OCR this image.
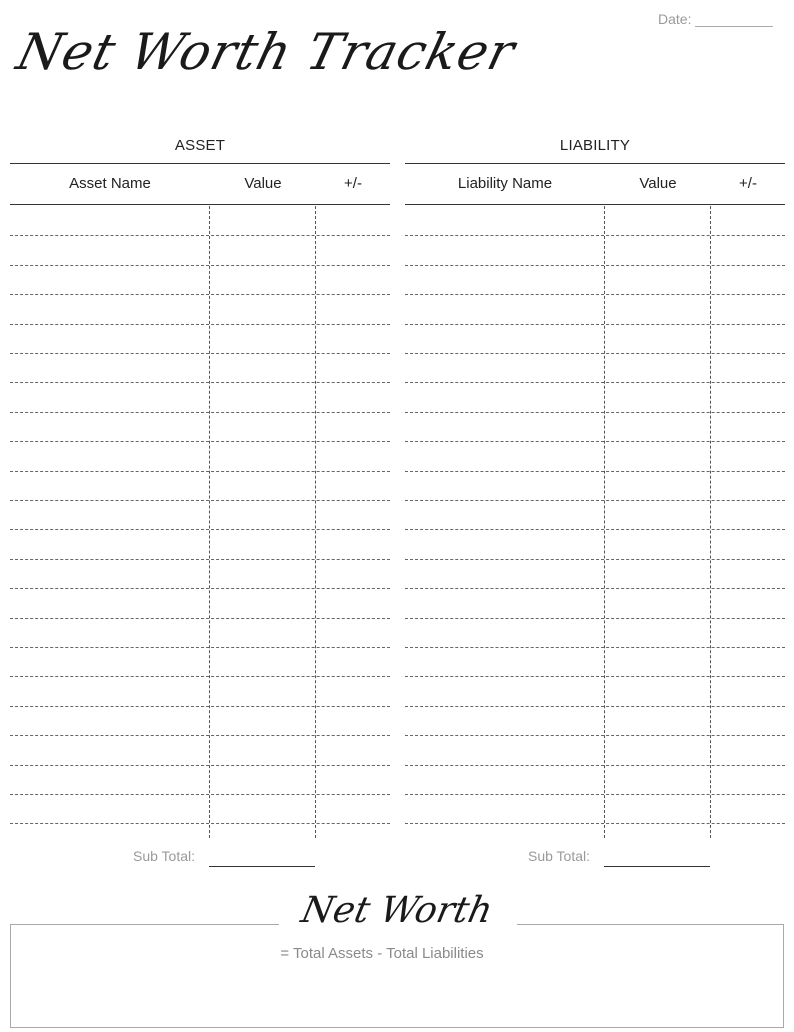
Net Worth Tracker
Date:
ASSET
Asset Name	Value	+/-
Sub Total:
LIABILITY
Liability Name	Value	+/-
Sub Total:
Net Worth
= Total Assets - Total Liabilities
